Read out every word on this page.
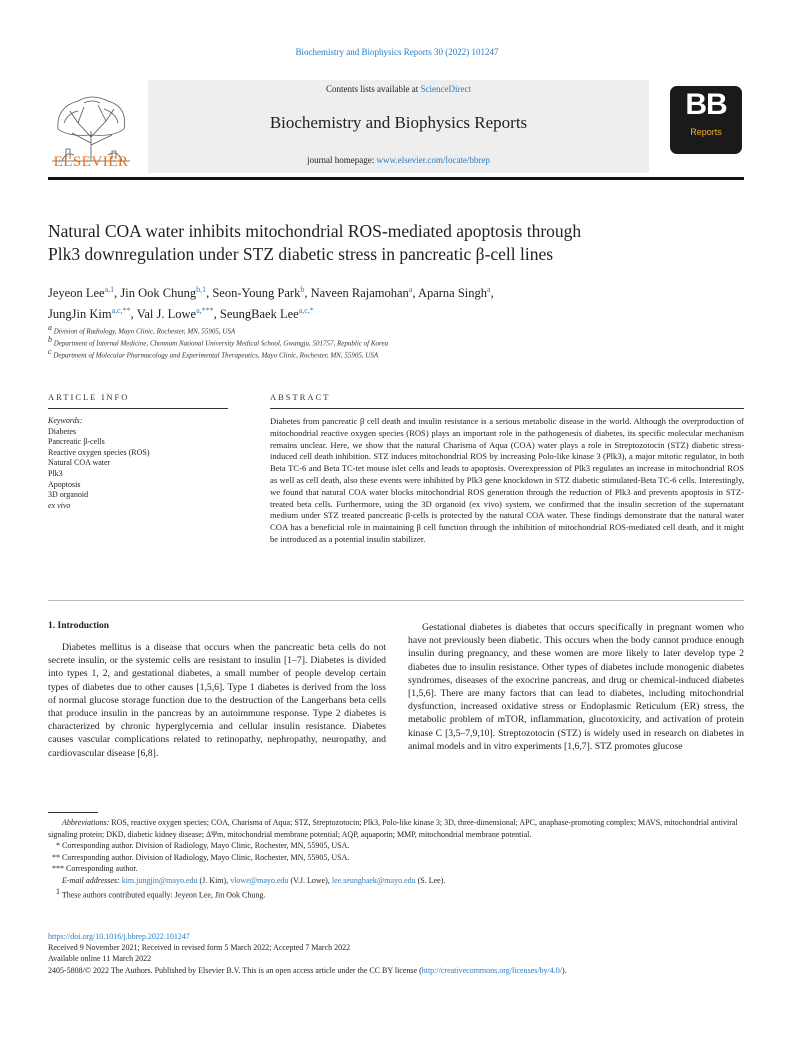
Biochemistry and Biophysics Reports 30 (2022) 101247
Contents lists available at ScienceDirect
Biochemistry and Biophysics Reports
journal homepage: www.elsevier.com/locate/bbrep
ELSEVIER
BB
Reports
Natural COA water inhibits mitochondrial ROS-mediated apoptosis through
Plk3 downregulation under STZ diabetic stress in pancreatic β-cell lines
Jeyeon Lee$^{a,1}$, Jin Ook Chung$^{b,1}$, Seon-Young Park$^b$, Naveen Rajamohan$^a$, Aparna Singh$^a$,
JungJin Kim$^{a,c,**}$, Val J. Lowe$^{a,***}$, SeungBaek Lee$^{a,c,*}$
$^a$ Division of Radiology, Mayo Clinic, Rochester, MN, 55905, USA
$^b$ Department of Internal Medicine, Chonnam National University Medical School, Gwangju, 501757, Republic of Korea
$^c$ Department of Molecular Pharmacology and Experimental Therapeutics, Mayo Clinic, Rochester, MN, 55905, USA
ARTICLE INFO	ABSTRACT
Keywords:
Diabetes
Pancreatic β-cells
Reactive oxygen species (ROS)
Natural COA water
Plk3
Apoptosis
3D organoid
ex vivo
Diabetes from pancreatic β cell death and insulin resistance is a serious metabolic disease in the world. Although the overproduction of mitochondrial reactive oxygen species (ROS) plays an important role in the pathogenesis of diabetes, its specific molecular mechanism remains unclear. Here, we show that the natural Charisma of Aqua (COA) water plays a role in Streptozotocin (STZ) diabetic stress-induced cell death inhibition. STZ induces mitochondrial ROS by increasing Polo-like kinase 3 (Plk3), a major mitotic regulator, in both Beta TC-6 and Beta TC-tet mouse islet cells and leads to apoptosis. Overexpression of Plk3 regulates an increase in mitochondrial ROS as well as cell death, also these events were inhibited by Plk3 gene knockdown in STZ diabetic stimulated-Beta TC-6 cells. Interestingly, we found that natural COA water blocks mitochondrial ROS generation through the reduction of Plk3 and prevents apoptosis in STZ-treated beta cells. Furthermore, using the 3D organoid (ex vivo) system, we confirmed that the insulin secretion of the supernatant medium under STZ treated pancreatic β-cells is protected by the natural COA water. These findings demonstrate that the natural water COA has a beneficial role in maintaining β cell function through the inhibition of mitochondrial ROS-mediated cell death, and it might be introduced as a potential insulin stabilizer.
1. Introduction

Diabetes mellitus is a disease that occurs when the pancreatic beta cells do not secrete insulin, or the systemic cells are resistant to insulin [1–7]. Diabetes is divided into types 1, 2, and gestational diabetes, a small number of people develop certain types of diabetes due to other causes [1,5,6]. Type 1 diabetes is derived from the loss of normal glucose storage function due to the destruction of the Langerhans beta cells that produce insulin in the pancreas by an autoimmune response. Type 2 diabetes is characterized by chronic hyperglycemia and cellular insulin resistance. Diabetes causes vascular complications related to retinopathy, nephropathy, neuropathy, and cardiovascular disease [6,8].

Gestational diabetes is diabetes that occurs specifically in pregnant women who have not previously been diabetic. This occurs when the body cannot produce enough insulin during pregnancy, and these women are more likely to later develop type 2 diabetes due to insulin resistance. Other types of diabetes include monogenic diabetes syndromes, diseases of the exocrine pancreas, and drug or chemical-induced diabetes [1,5,6]. There are many factors that can lead to diabetes, including mitochondrial dysfunction, increased oxidative stress or Endoplasmic Reticulum (ER) stress, the metabolic problem of mTOR, inflammation, glucotoxicity, and activation of protein kinase C [3,5–7,9,10]. Streptozotocin (STZ) is widely used in research on diabetes in animal models and in vitro experiments [1,6,7]. STZ promotes glucose

Abbreviations: ROS, reactive oxygen species; COA, Charisma of Aqua; STZ, Streptozotocin; Plk3, Polo-like kinase 3; 3D, three-dimensional; APC, anaphase-promoting complex; MAVS, mitochondrial antiviral signaling protein; DKD, diabetic kidney disease; ΔΨm, mitochondrial membrane potential; AQP, aquaporin; MMP, mitochondrial membrane potential.

* Corresponding author. Division of Radiology, Mayo Clinic, Rochester, MN, 55905, USA.

** Corresponding author. Division of Radiology, Mayo Clinic, Rochester, MN, 55905, USA.

*** Corresponding author.

E-mail addresses: kim.jungjin@mayo.edu (J. Kim), vlowe@mayo.edu (V.J. Lowe), lee.seungbaek@mayo.edu (S. Lee).

$^1$ These authors contributed equally: Jeyeon Lee, Jin Ook Chung.

https://doi.org/10.1016/j.bbrep.2022.101247

Received 9 November 2021; Received in revised form 5 March 2022; Accepted 7 March 2022

Available online 11 March 2022

2405-5808/© 2022 The Authors. Published by Elsevier B.V. This is an open access article under the CC BY license (http://creativecommons.org/licenses/by/4.0/).
